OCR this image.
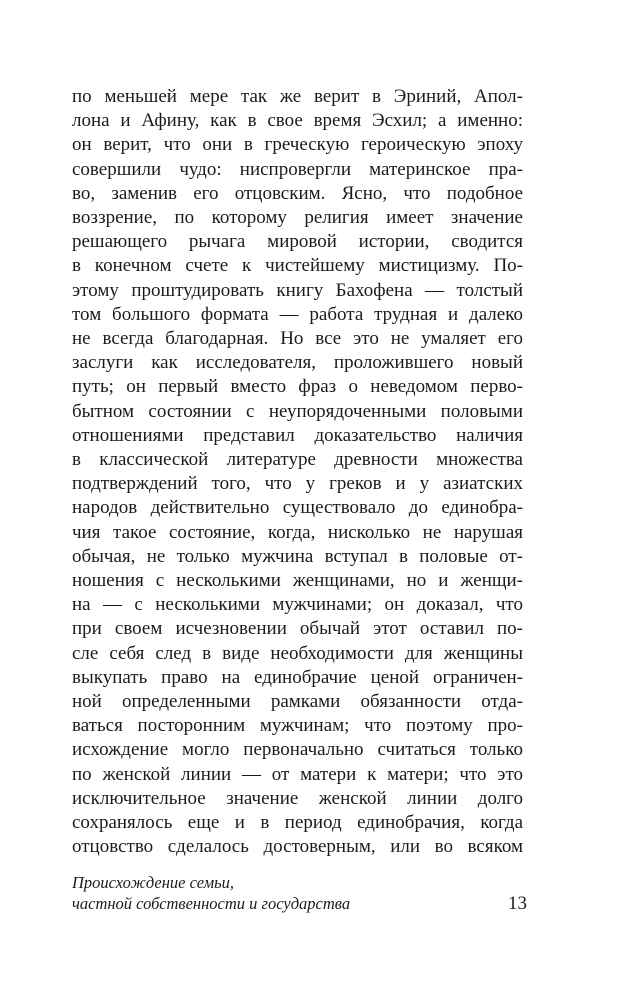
по меньшей мере так же верит в Эриний, Апол-
лона и Афину, как в свое время Эсхил; а именно:
он верит, что они в греческую героическую эпоху
совершили чудо: ниспровергли материнское пра-
во, заменив его отцовским. Ясно, что подобное
воззрение, по которому религия имеет значение
решающего рычага мировой истории, сводится
в конечном счете к чистейшему мистицизму. По-
этому проштудировать книгу Бахофена — толстый
том большого формата — работа трудная и далеко
не всегда благодарная. Но все это не умаляет его
заслуги как исследователя, проложившего новый
путь; он первый вместо фраз о неведомом перво-
бытном состоянии с неупорядоченными половыми
отношениями представил доказательство наличия
в классической литературе древности множества
подтверждений того, что у греков и у азиатских
народов действительно существовало до единобра-
чия такое состояние, когда, нисколько не нарушая
обычая, не только мужчина вступал в половые от-
ношения с несколькими женщинами, но и женщи-
на — с несколькими мужчинами; он доказал, что
при своем исчезновении обычай этот оставил по-
сле себя след в виде необходимости для женщины
выкупать право на единобрачие ценой ограничен-
ной определенными рамками обязанности отда-
ваться посторонним мужчинам; что поэтому про-
исхождение могло первоначально считаться только
по женской линии — от матери к матери; что это
исключительное значение женской линии долго
сохранялось еще и в период единобрачия, когда
отцовство сделалось достоверным, или во всяком
Происхождение семьи,
частной собственности и государства	13
